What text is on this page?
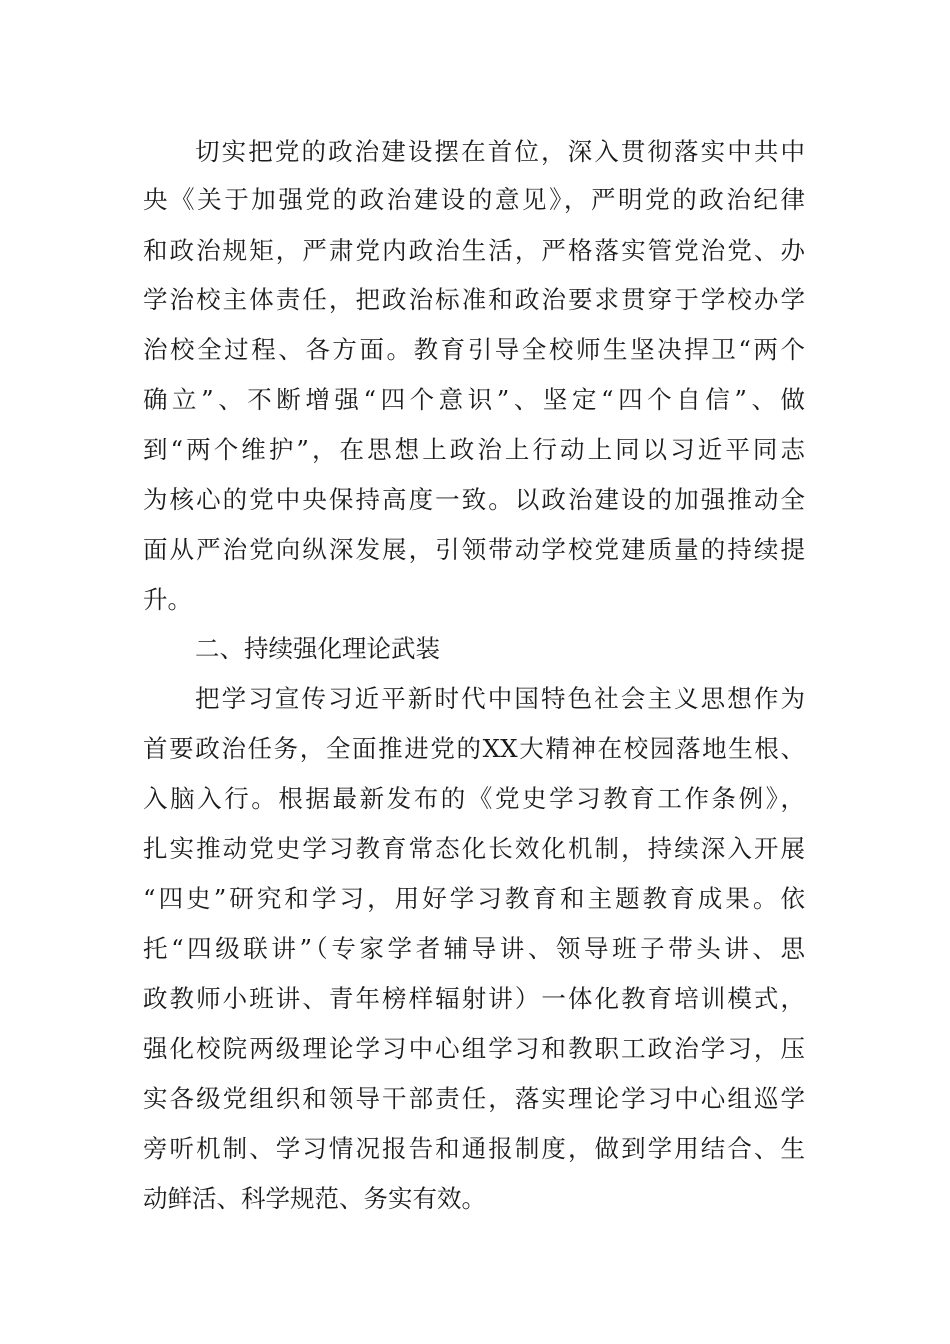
切实把党的政治建设摆在首位，深入贯彻落实中共中
央《关于加强党的政治建设的意见》，严明党的政治纪律
和政治规矩，严肃党内政治生活，严格落实管党治党、办
学治校主体责任，把政治标准和政治要求贯穿于学校办学
治校全过程、各方面。教育引导全校师生坚决捍卫“两个
确立”、不断增强“四个意识”、坚定“四个自信”、做
到“两个维护”，在思想上政治上行动上同以习近平同志
为核心的党中央保持高度一致。以政治建设的加强推动全
面从严治党向纵深发展，引领带动学校党建质量的持续提
升。
二、持续强化理论武装
把学习宣传习近平新时代中国特色社会主义思想作为
首要政治任务，全面推进党的XX大精神在校园落地生根、
入脑入行。根据最新发布的《党史学习教育工作条例》，
扎实推动党史学习教育常态化长效化机制，持续深入开展
“四史”研究和学习，用好学习教育和主题教育成果。依
托“四级联讲”（专家学者辅导讲、领导班子带头讲、思
政教师小班讲、青年榜样辐射讲）一体化教育培训模式，
强化校院两级理论学习中心组学习和教职工政治学习，压
实各级党组织和领导干部责任，落实理论学习中心组巡学
旁听机制、学习情况报告和通报制度，做到学用结合、生
动鲜活、科学规范、务实有效。
